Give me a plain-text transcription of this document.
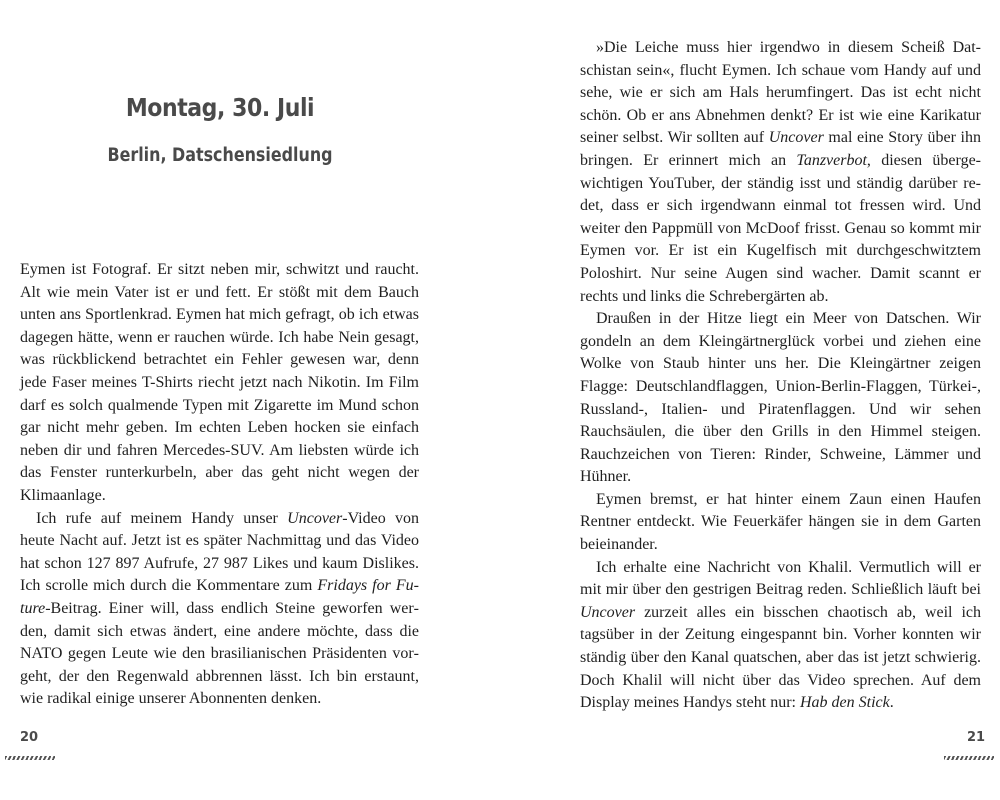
Montag, 30. Juli
Berlin, Datschensiedlung

Eymen ist Fotograf. Er sitzt neben mir, schwitzt und raucht. Alt wie mein Vater ist er und fett. Er stößt mit dem Bauch unten ans Sportlenkrad. Eymen hat mich gefragt, ob ich etwas dagegen hätte, wenn er rauchen würde. Ich habe Nein gesagt, was rückblickend betrachtet ein Fehler gewesen war, denn jede Faser meines T-Shirts riecht jetzt nach Nikotin. Im Film darf es solch qualmende Typen mit Zigarette im Mund schon gar nicht mehr geben. Im echten Leben hocken sie einfach neben dir und fahren Mercedes-SUV. Am liebsten würde ich das Fenster runterkurbeln, aber das geht nicht wegen der Klimaanlage.

Ich rufe auf meinem Handy unser Uncover-Video von heute Nacht auf. Jetzt ist es später Nachmittag und das Video hat schon 127 897 Aufrufe, 27 987 Likes und kaum Dislikes. Ich scrolle mich durch die Kommentare zum Fridays for Future-Beitrag. Einer will, dass endlich Steine geworfen werden, damit sich etwas ändert, eine andere möchte, dass die NATO gegen Leute wie den brasilianischen Präsidenten vorgeht, der den Regenwald abbrennen lässt. Ich bin erstaunt, wie radikal einige unserer Abonnenten denken.

20

»Die Leiche muss hier irgendwo in diesem Scheiß Datschistan sein«, flucht Eymen. Ich schaue vom Handy auf und sehe, wie er sich am Hals herumfingert. Das ist echt nicht schön. Ob er ans Abnehmen denkt? Er ist wie eine Karikatur seiner selbst. Wir sollten auf Uncover mal eine Story über ihn bringen. Er erinnert mich an Tanzverbot, diesen übergewichtigen YouTuber, der ständig isst und ständig darüber redet, dass er sich irgendwann einmal tot fressen wird. Und weiter den Pappmüll von McDoof frisst. Genau so kommt mir Eymen vor. Er ist ein Kugelfisch mit durchgeschwitztem Poloshirt. Nur seine Augen sind wacher. Damit scannt er rechts und links die Schrebergärten ab.

Draußen in der Hitze liegt ein Meer von Datschen. Wir gondeln an dem Kleingärtnerglück vorbei und ziehen eine Wolke von Staub hinter uns her. Die Kleingärtner zeigen Flagge: Deutschlandflaggen, Union-Berlin-Flaggen, Türkei-, Russland-, Italien- und Piratenflaggen. Und wir sehen Rauchsäulen, die über den Grills in den Himmel steigen. Rauchzeichen von Tieren: Rinder, Schweine, Lämmer und Hühner.

Eymen bremst, er hat hinter einem Zaun einen Haufen Rentner entdeckt. Wie Feuerkäfer hängen sie in dem Garten beieinander.

Ich erhalte eine Nachricht von Khalil. Vermutlich will er mit mir über den gestrigen Beitrag reden. Schließlich läuft bei Uncover zurzeit alles ein bisschen chaotisch ab, weil ich tagsüber in der Zeitung eingespannt bin. Vorher konnten wir ständig über den Kanal quatschen, aber das ist jetzt schwierig. Doch Khalil will nicht über das Video sprechen. Auf dem Display meines Handys steht nur: Hab den Stick.

21
